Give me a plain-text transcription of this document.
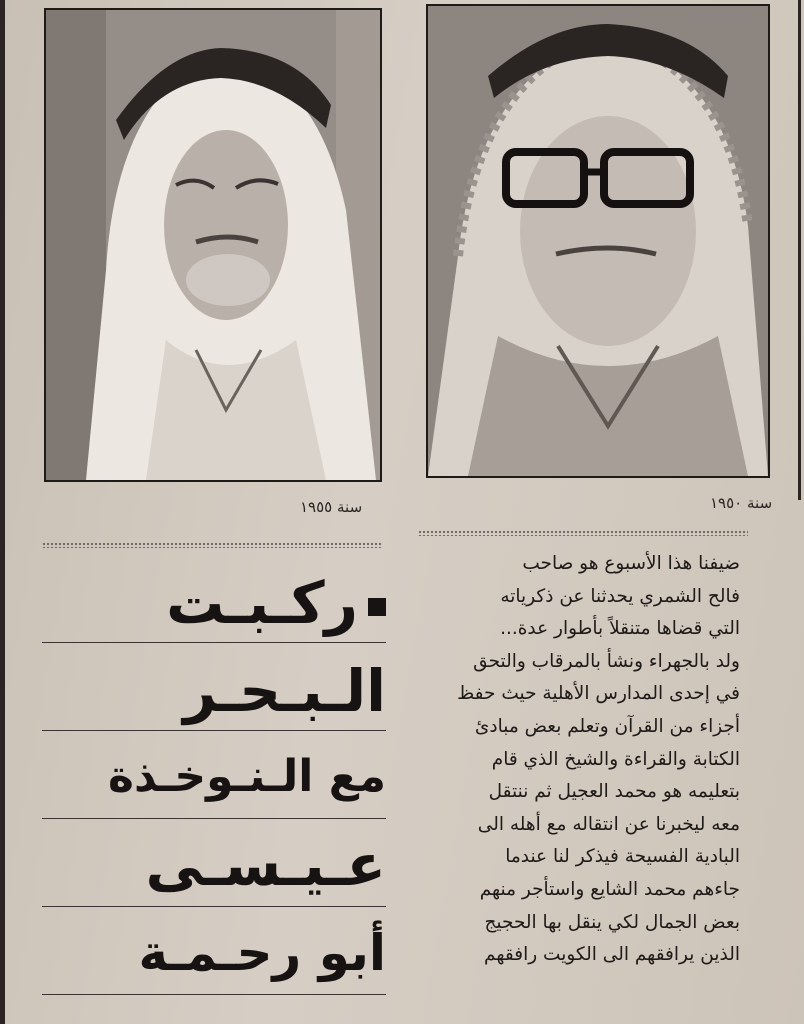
سنة ١٩٥٥	سنة ١٩٥٠
ركـبـت
الـبـحـر
مع الـنـوخـذة
عـيـسـى
أبو رحـمـة
ضيفنا هذا الأسبوع هو صاحب
فالح الشمري يحدثنا عن ذكرياته
التي قضاها متنقلاً بأطوار عدة...
ولد بالجهراء ونشأ بالمرقاب والتحق
في إحدى المدارس الأهلية حيث حفظ
أجزاء من القرآن وتعلم بعض مبادئ
الكتابة والقراءة والشيخ الذي قام
بتعليمه هو محمد العجيل ثم ننتقل
معه ليخبرنا عن انتقاله مع أهله الى
البادية الفسيحة فيذكر لنا عندما
جاءهم محمد الشايع واستأجر منهم
بعض الجمال لكي ينقل بها الحجيج
الذين يرافقهم الى الكويت رافقهم
